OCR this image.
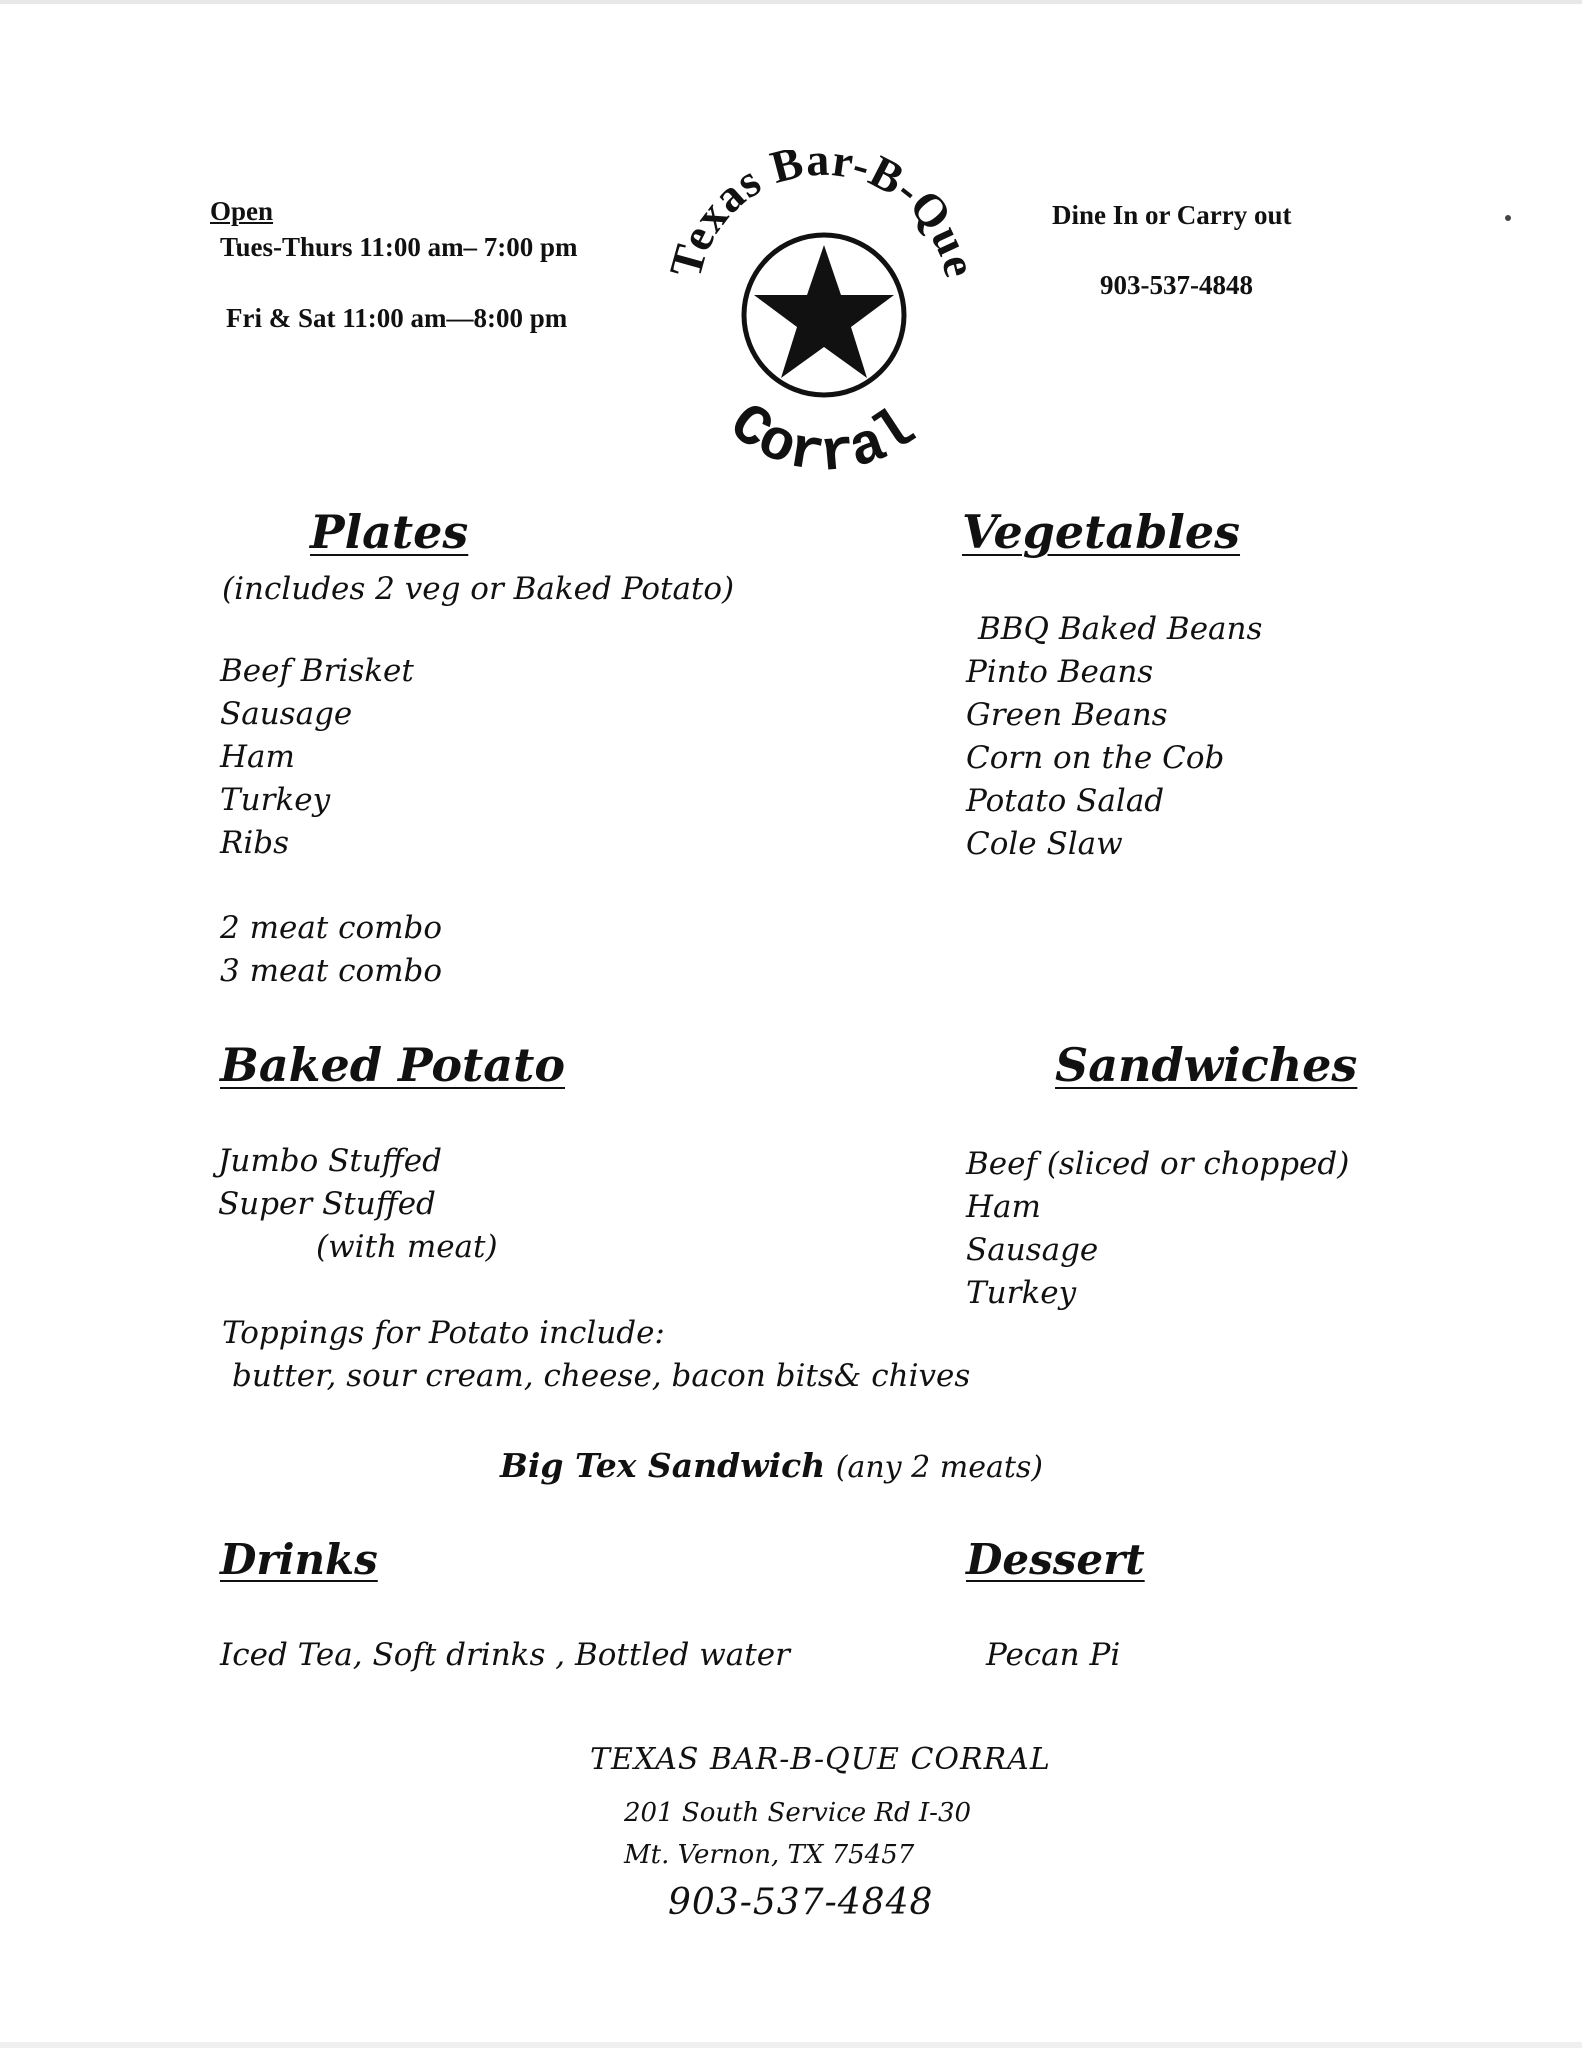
Open
Tues-Thurs 11:00 am– 7:00 pm
Fri & Sat 11:00 am—8:00 pm
Dine In or Carry out
903-537-4848
exas Bar-B-Qu
Corral
Plates
(includes 2 veg or Baked Potato)
Beef Brisket
Sausage
Ham
Turkey
Ribs
2 meat combo
3 meat combo
Vegetables
BBQ Baked Beans
Pinto Beans
Green Beans
Corn on the Cob
Potato Salad
Cole Slaw
Baked Potato
Jumbo Stuffed
Super Stuffed
(with meat)
Toppings for Potato include:
butter, sour cream, cheese, bacon bits& chives
Sandwiches
Beef (sliced or chopped)
Ham
Sausage
Turkey
Big Tex Sandwich (any 2 meats)
Drinks
Iced Tea, Soft drinks , Bottled water
Dessert
Pecan Pi
TEXAS BAR-B-QUE CORRAL
201 South Service Rd I-30
Mt. Vernon, TX 75457
903-537-4848
